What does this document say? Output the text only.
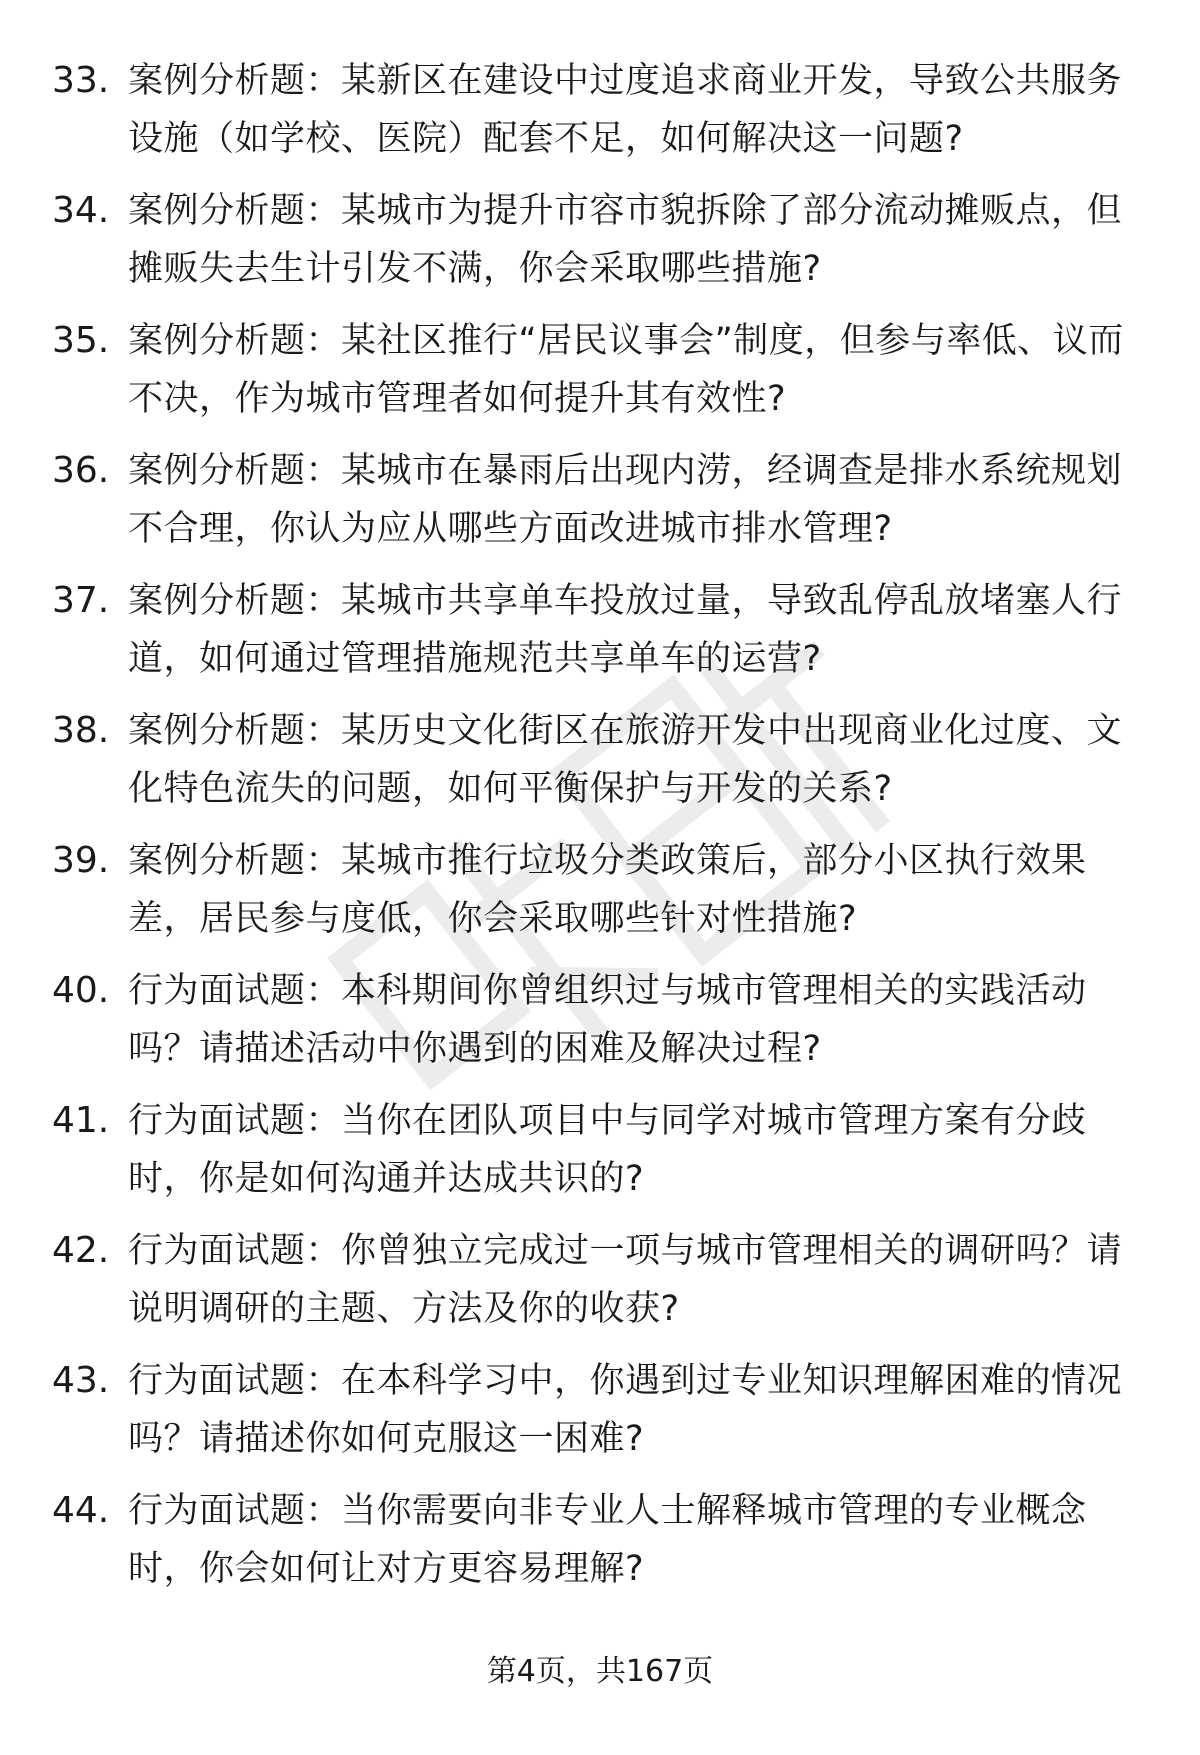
33. 案例分析题：某新区在建设中过度追求商业开发，导致公共服务设施（如学校、医院）配套不足，如何解决这一问题?
34. 案例分析题：某城市为提升市容市貌拆除了部分流动摊贩点，但摊贩失去生计引发不满，你会采取哪些措施?
35. 案例分析题：某社区推行“居民议事会”制度，但参与率低、议而不决，作为城市管理者如何提升其有效性?
36. 案例分析题：某城市在暴雨后出现内涝，经调查是排水系统规划不合理，你认为应从哪些方面改进城市排水管理?
37. 案例分析题：某城市共享单车投放过量，导致乱停乱放堵塞人行道，如何通过管理措施规范共享单车的运营?
38. 案例分析题：某历史文化街区在旅游开发中出现商业化过度、文化特色流失的问题，如何平衡保护与开发的关系?
39. 案例分析题：某城市推行垃圾分类政策后，部分小区执行效果差，居民参与度低，你会采取哪些针对性措施?
40. 行为面试题：本科期间你曾组织过与城市管理相关的实践活动吗？请描述活动中你遇到的困难及解决过程?
41. 行为面试题：当你在团队项目中与同学对城市管理方案有分歧时，你是如何沟通并达成共识的?
42. 行为面试题：你曾独立完成过一项与城市管理相关的调研吗？请说明调研的主题、方法及你的收获?
43. 行为面试题：在本科学习中，你遇到过专业知识理解困难的情况吗？请描述你如何克服这一困难?
44. 行为面试题：当你需要向非专业人士解释城市管理的专业概念时，你会如何让对方更容易理解?
第4页，共167页
